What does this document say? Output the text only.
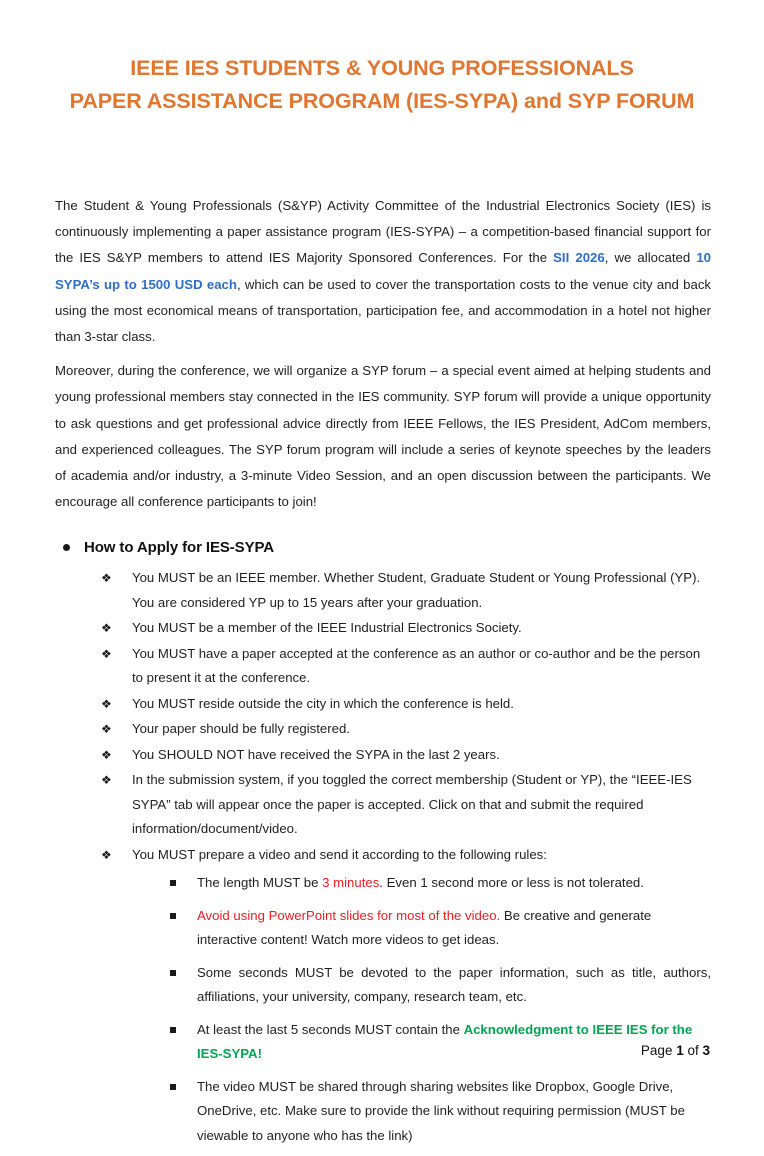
IEEE IES STUDENTS & YOUNG PROFESSIONALS
PAPER ASSISTANCE PROGRAM (IES-SYPA) and SYP FORUM

The Student & Young Professionals (S&YP) Activity Committee of the Industrial Electronics Society (IES) is continuously implementing a paper assistance program (IES-SYPA) – a competition-based financial support for the IES S&YP members to attend IES Majority Sponsored Conferences. For the SII 2026, we allocated 10 SYPA’s up to 1500 USD each, which can be used to cover the transportation costs to the venue city and back using the most economical means of transportation, participation fee, and accommodation in a hotel not higher than 3-star class.

Moreover, during the conference, we will organize a SYP forum – a special event aimed at helping students and young professional members stay connected in the IES community. SYP forum will provide a unique opportunity to ask questions and get professional advice directly from IEEE Fellows, the IES President, AdCom members, and experienced colleagues. The SYP forum program will include a series of keynote speeches by the leaders of academia and/or industry, a 3-minute Video Session, and an open discussion between the participants. We encourage all conference participants to join!

How to Apply for IES-SYPA
❖ You MUST be an IEEE member. Whether Student, Graduate Student or Young Professional (YP). You are considered YP up to 15 years after your graduation.
❖ You MUST be a member of the IEEE Industrial Electronics Society.
❖ You MUST have a paper accepted at the conference as an author or co-author and be the person to present it at the conference.
❖ You MUST reside outside the city in which the conference is held.
❖ Your paper should be fully registered.
❖ You SHOULD NOT have received the SYPA in the last 2 years.
❖ In the submission system, if you toggled the correct membership (Student or YP), the “IEEE-IES SYPA” tab will appear once the paper is accepted. Click on that and submit the required information/document/video.
❖ You MUST prepare a video and send it according to the following rules:
The length MUST be 3 minutes. Even 1 second more or less is not tolerated.
Avoid using PowerPoint slides for most of the video. Be creative and generate interactive content! Watch more videos to get ideas.
Some seconds MUST be devoted to the paper information, such as title, authors, affiliations, your university, company, research team, etc.
At least the last 5 seconds MUST contain the Acknowledgment to IEEE IES for the IES-SYPA!
The video MUST be shared through sharing websites like Dropbox, Google Drive, OneDrive, etc. Make sure to provide the link without requiring permission (MUST be viewable to anyone who has the link)
Page 1 of 3
